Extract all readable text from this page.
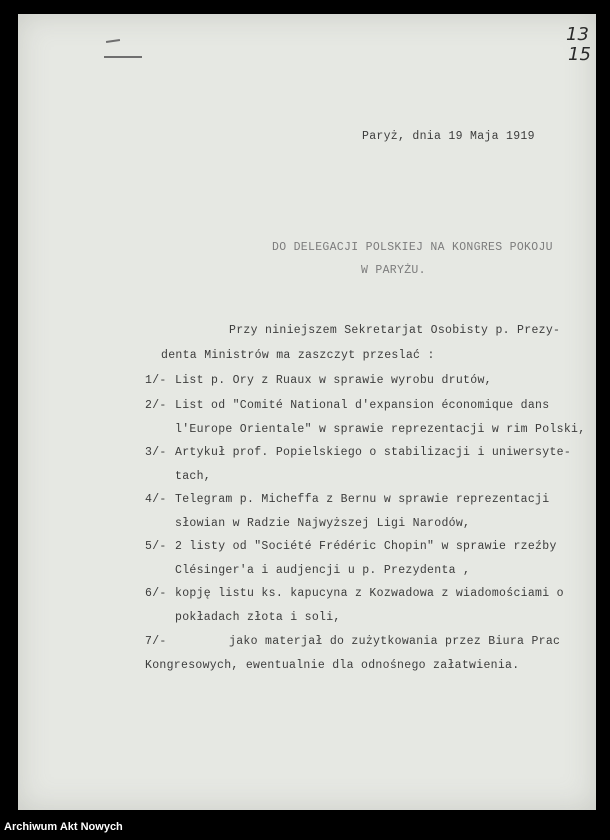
13
15
Paryż, dnia 19 Maja 1919
DO DELEGACJI POLSKIEJ NA KONGRES POKOJU
W PARYŻU.
Przy niniejszem Sekretarjat Osobisty p. Prezy-
denta Ministrów ma zaszczyt przeslać :
1/- List p. Ory z Ruaux w sprawie wyrobu drutów,
2/- List od "Comité National d'expansion économique dans
l'Europe Orientale" w sprawie reprezentacji w rim Polski,
3/- Artykuł prof. Popielskiego o stabilizacji i uniwersyte-
tach,
4/- Telegram p. Micheffa z Bernu w sprawie reprezentacji
słowian w Radzie Najwyższej Ligi Narodów,
5/- 2 listy od "Société Frédéric Chopin" w sprawie rzeźby
Clésinger'a i audjencji u p. Prezydenta ,
6/- kopję listu ks. kapucyna z Kozwadowa z wiadomościami o
pokładach złota i soli,
7/-	jako materjał do zużytkowania przez Biura Prac
Kongresowych, ewentualnie dla odnośnego załatwienia.
Archiwum Akt Nowych
